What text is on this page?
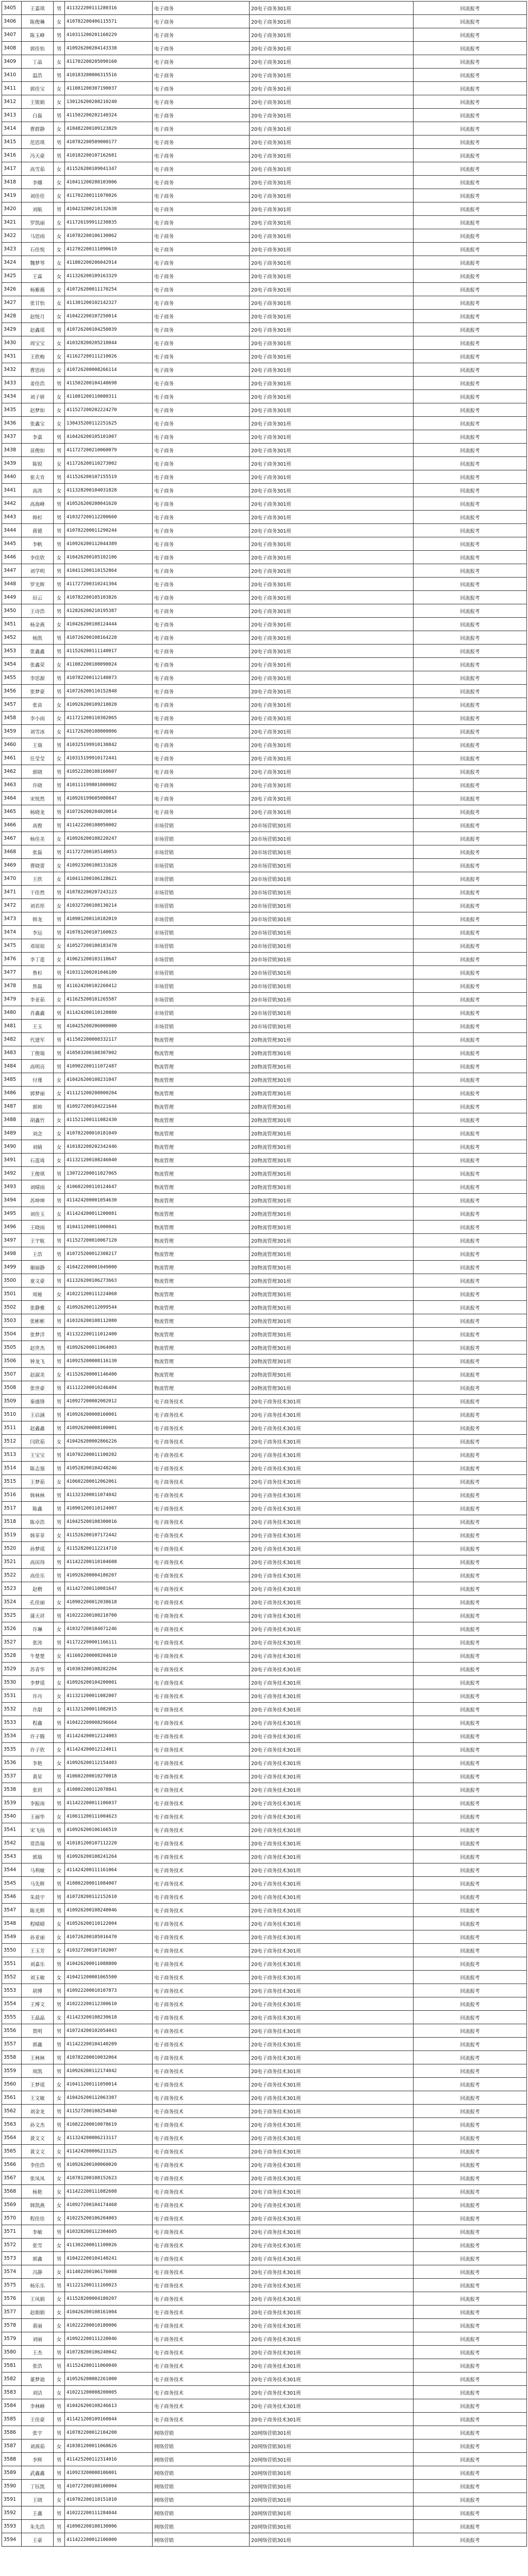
3405	王嘉琪	男	411322200111280316	电子商务	20电子商务301班	回流报考
3406	陈俊琳	女	410782200406115571	电子商务	20电子商务301班	回流报考
3407	陈玉峰	男	410311200201160229	电子商务	20电子商务301班	回流报考
3408	郭佳怡	男	410926200204143338	电子商务	20电子商务301班	回流报考
3409	丁晶	女	411702200205090160	电子商务	20电子商务301班	回流报考
3410	温浩	男	410183200006315516	电子商务	20电子商务301班	回流报考
3411	郭佳宝	女	411081200307190037	电子商务	20电子商务301班	回流报考
3412	王银娟	女	130126200208210240	电子商务	20电子商务301班	回流报考
3413	白磊	男	411502200202140324	电子商务	20电子商务301班	回流报考
3414	曹群静	女	410482200109123829	电子商务	20电子商务301班	回流报考
3415	范思琪	男	410782200509000177	电子商务	20电子商务301班	回流报考
3416	冯天豪	男	410182200107162681	电子商务	20电子商务301班	回流报考
3417	高雪茹	女	411526200109041347	电子商务	20电子商务301班	回流报考
3418	李娜	女	410411200208103006	电子商务	20电子商务301班	回流报考
3419	刘佳佳	女	411702200111070026	电子商务	20电子商务301班	回流报考
3420	刘航	男	410423200210132638	电子商务	20电子商务301班	回流报考
3421	罗凯丽	女	411726199911230835	电子商务	20电子商务301班	回流报考
3422	马思雨	女	410782200106130062	电子商务	20电子商务301班	回流报考
3423	石佳悦	女	412702200111090619	电子商务	20电子商务301班	回流报考
3424	魏梦琴	女	411802200206042914	电子商务	20电子商务301班	回流报考
3425	王霖	女	411326200109163329	电子商务	20电子商务301班	回流报考
3426	杨紫薇	女	410726200011170254	电子商务	20电子商务301班	回流报考
3427	张甘怡	女	411301200102142327	电子商务	20电子商务301班	回流报考
3428	赵悦月	女	410422200107250014	电子商务	20电子商务301班	回流报考
3429	赵鑫瑶	男	410726200104250039	电子商务	20电子商务301班	回流报考
3430	周宝宝	女	410328200205210044	电子商务	20电子商务301班	回流报考
3431	王欣梅	女	411627200111210026	电子商务	20电子商务301班	回流报考
3432	曹思雨	女	410726200008266114	电子商务	20电子商务301班	回流报考
3433	姜佳浩	男	411502200104140698	电子商务	20电子商务301班	回流报考
3434	刘子妍	女	411081200110080311	电子商务	20电子商务301班	回流报考
3435	赵梦如	女	411527200202224270	电子商务	20电子商务301班	回流报考
3436	张鑫宝	女	130435200112251625	电子商务	20电子商务301班	回流报考
3437	李嘉	男	410426200105101007	电子商务	20电子商务301班	回流报考
3438	苗俊如	男	411727200210060079	电子商务	20电子商务301班	回流报考
3439	陈锐	女	411726200110273002	电子商务	20电子商务301班	回流报考
3440	崔夫肯	男	411526200107155519	电子商务	20电子商务301班	回流报考
3441	高涛	女	411328200104031828	电子商务	20电子商务301班	回流报考
3442	高海峰	男	410526200208041620	电子商务	20电子商务301班	回流报考
3443	韩杉	男	410327200112200660	电子商务	20电子商务301班	回流报考
3444	蒋德	男	410782200011290244	电子商务	20电子商务301班	回流报考
3445	李帆	男	410926200112044389	电子商务	20电子商务301班	回流报考
3446	李佳欣	女	410426200105102106	电子商务	20电子商务301班	回流报考
3447	刘学明	男	410411200110152864	电子商务	20电子商务301班	回流报考
3448	罗光辉	男	411727200310241304	电子商务	20电子商务301班	回流报考
3449	田云	女	410782200105103826	电子商务	20电子商务301班	回流报考
3450	王诗浩	男	412826200210195387	电子商务	20电子商务301班	回流报考
3451	杨金燕	女	410426200108124444	电子商务	20电子商务301班	回流报考
3452	杨凯	男	410726200108164228	电子商务	20电子商务301班	回流报考
3453	张鑫鑫	男	411526200111140017	电子商务	20电子商务301班	回流报考
3454	张鑫荣	女	411082200108090024	电子商务	20电子商务301班	回流报考
3455	李思源	男	410782200112140073	电子商务	20电子商务301班	回流报考
3456	张梦豪	男	410726200110152848	电子商务	20电子商务301班	回流报考
3457	张苗	女	410926200109210020	电子商务	20电子商务301班	回流报考
3458	李小雨	女	411721200110302065	电子商务	20电子商务301班	回流报考
3459	刘雪冰	女	411726200108000006	电子商务	20电子商务301班	回流报考
3460	王瑞	男	410325199910130842	电子商务	20电子商务301班	回流报考
3461	任莹莹	女	410315199910172441	电子商务	20电子商务301班	回流报考
3462	郭晓	男	410522200108160607	电子商务	20电子商务301班	回流报考
3463	许晓	男	410111199801000002	电子商务	20电子商务301班	回流报考
3464	宋悦然	男	410926199605080847	电子商务	20电子商务301班	回流报考
3465	杨晓龙	男	410726200204020014	电子商务	20电子商务301班	回流报考
3466	高俊	男	411422200108050002	市场营销	20市场营销301班	回流报考
3467	杨佳美	女	410926200108220247	市场营销	20市场营销301班	回流报考
3468	张磊	男	411727200105140053	市场营销	20市场营销301班	回流报考
3469	曹晓蕾	女	410923200108131628	市场营销	20市场营销301班	回流报考
3470	王欣	女	410411200106128621	市场营销	20市场营销301班	回流报考
3471	于佳然	男	410782200207243123	市场营销	20市场营销301班	回流报考
3472	刘若彤	女	410327200108130214	市场营销	20市场营销301班	回流报考
3473	韩龙	男	410901200110182019	市场营销	20市场营销301班	回流报考
3474	李远	男	410781200107160023	市场营销	20市场营销301班	回流报考
3475	邓琼琼	女	410527200108183478	市场营销	20市场营销301班	回流报考
3476	李丁莲	女	410621200103110647	市场营销	20市场营销301班	回流报考
3477	鲁杉	男	410311200201046180	市场营销	20市场营销301班	回流报考
3478	焦磊	男	411624200102260412	市场营销	20市场营销301班	回流报考
3479	李亚茹	女	411625200101265587	市场营销	20市场营销301班	回流报考
3480	肖鑫鑫	男	411424200110120880	市场营销	20市场营销301班	回流报考
3481	王玉	男	410425200206000000	市场营销	20市场营销301班	回流报考
3482	代建军	男	411502200008332117	物流管理	20物流管理301班	回流报考
3483	丁俊瑞	男	410503200108307002	物流管理	20物流管理301班	回流报考
3484	高明亮	男	410902200111072487	物流管理	20物流管理301班	回流报考
3485	付瑾	女	410426200108231047	物流管理	20物流管理301班	回流报考
3486	郭梦丽	女	411121200208000204	物流管理	20物流管理301班	回流报考
3487	郭帅	男	410927200104221644	物流管理	20物流管理301班	回流报考
3488	胡鑫竹	女	411521200111082430	物流管理	20物流管理301班	回流报考
3489	刘念	女	410782200010181049	物流管理	20物流管理301班	回流报考
3490	刘婧	女	410182200202342446	物流管理	20物流管理301班	回流报考
3491	石莲琦	女	411321200108246040	物流管理	20物流管理301班	回流报考
3492	王俊琪	男	130722200011027065	物流管理	20物流管理301班	回流报考
3493	刘晴雨	女	410602200110124647	物流管理	20物流管理301班	回流报考
3494	苏坤坤	男	411424200001054630	物流管理	20物流管理301班	回流报考
3495	刘佳玉	女	411424200011200081	物流管理	20物流管理301班	回流报考
3496	王晓雨	男	410411200011000041	物流管理	20物流管理301班	回流报考
3497	王宇航	男	411527200010067120	物流管理	20物流管理301班	回流报考
3498	王浩	男	410725200012308217	物流管理	20物流管理301班	回流报考
3499	谢丽静	女	410422200001049000	物流管理	20物流管理301班	回流报考
3500	童文豪	男	411326200106273663	物流管理	20物流管理301班	回流报考
3501	周娅	女	410221200111224068	物流管理	20物流管理301班	回流报考
3502	张静雅	女	410926200112099544	物流管理	20物流管理301班	回流报考
3503	张彬彬	男	410326200108112080	物流管理	20物流管理301班	回流报考
3504	张梦洋	男	411322200111012400	物流管理	20物流管理301班	回流报考
3505	赵世杰	男	410926200011064003	物流管理	20物流管理301班	回流报考
3506	钟龙飞	男	410925200008116130	物流管理	20物流管理301班	回流报考
3507	赵淑美	女	411526200001146400	物流管理	20物流管理301班	回流报考
3508	张世豪	男	411122200010246404	物流管理	20物流管理301班	回流报考
3509	秦盛锋	男	410927200002002012	电子商务技术	20电子商务技术301班	回流报考
3510	王启涵	男	410926200008160001	电子商务技术	20电子商务技术301班	回流报考
3511	赵鑫鑫	男	410926200008100001	电子商务技术	20电子商务技术301班	回流报考
3512	闫欣茹	女	410426200002866226	电子商务技术	20电子商务技术301班	回流报考
3513	王宝宝	男	410702200011100202	电子商务技术	20电子商务技术301班	回流报考
3514	陈志强	男	410528200104248246	电子商务技术	20电子商务技术301班	回流报考
3515	王梦茹	女	410602200012062061	电子商务技术	20电子商务技术301班	回流报考
3516	韩林林	男	411323200011074042	电子商务技术	20电子商务技术301班	回流报考
3517	陈鑫	男	410901200110124007	电子商务技术	20电子商务技术301班	回流报考
3518	陈卓浩	男	410425200108300016	电子商务技术	20电子商务技术301班	回流报考
3519	韩菲菲	女	411526200107172442	电子商务技术	20电子商务技术301班	回流报考
3520	孙梦瑶	女	411528200112214710	电子商务技术	20电子商务技术301班	回流报考
3521	高田玮	男	411422200110104608	电子商务技术	20电子商务技术301班	回流报考
3522	高佳乐	男	410926200004180207	电子商务技术	20电子商务技术301班	回流报考
3523	赵楷	男	411427200110081647	电子商务技术	20电子商务技术301班	回流报考
3524	孔佳丽	女	410902200012038618	电子商务技术	20电子商务技术301班	回流报考
3525	蒲天祥	男	410222200108210700	电子商务技术	20电子商务技术301班	回流报考
3526	许琳	女	410327200104071246	电子商务技术	20电子商务技术301班	回流报考
3527	张涛	男	411722200001166111	电子商务技术	20电子商务技术301班	回流报考
3528	牛楚楚	女	411602200008204610	电子商务技术	20电子商务技术301班	回流报考
3529	苏青华	男	410303200108282204	电子商务技术	20电子商务技术301班	回流报考
3530	李梦瑶	女	410926200104200001	电子商务技术	20电子商务技术301班	回流报考
3531	许丹	女	411321200011082007	电子商务技术	20电子商务技术301班	回流报考
3532	许甜	女	411321200011082015	电子商务技术	20电子商务技术301班	回流报考
3533	程鑫	男	410422200008296664	电子商务技术	20电子商务技术301班	回流报考
3534	许子腾	男	411424200012124003	电子商务技术	20电子商务技术301班	回流报考
3535	许子欣	女	411424200012124011	电子商务技术	20电子商务技术301班	回流报考
3536	李艳	女	410926200112154403	电子商务技术	20电子商务技术301班	回流报考
3537	黄星	男	410602200010270018	电子商务技术	20电子商务技术301班	回流报考
3538	张玥	女	410802200112078841	电子商务技术	20电子商务技术301班	回流报考
3539	李振南	男	411422200011106037	电子商务技术	20电子商务技术301班	回流报考
3540	王丽华	女	410611200111004623	电子商务技术	20电子商务技术301班	回流报考
3541	宋飞扬	男	410926200106166519	电子商务技术	20电子商务技术301班	回流报考
3542	常浩瑞	男	410181200107112220	电子商务技术	20电子商务技术301班	回流报考
3543	郭瑞	男	410926200108241264	电子商务技术	20电子商务技术301班	回流报考
3544	马利敏	女	411424200111161064	电子商务技术	20电子商务技术301班	回流报考
3545	马先辉	男	410802200011084007	电子商务技术	20电子商务技术301班	回流报考
3546	朱晨宇	男	410728200112152610	电子商务技术	20电子商务技术301班	回流报考
3547	陈光辉	男	410926200108240046	电子商务技术	20电子商务技术301班	回流报考
3548	程晴晴	女	410526200110122004	电子商务技术	20电子商务技术301班	回流报考
3549	孙亚丽	女	410726200105016470	电子商务技术	20电子商务技术301班	回流报考
3550	王玉芳	女	410327200107102007	电子商务技术	20电子商务技术301班	回流报考
3551	刘嘉乐	男	410426200011088800	电子商务技术	20电子商务技术301班	回流报考
3552	刘玉敏	女	410421200001065500	电子商务技术	20电子商务技术301班	回流报考
3553	胡博	男	410922200010107873	电子商务技术	20电子商务技术301班	回流报考
3554	王博文	男	410222200112300610	电子商务技术	20电子商务技术301班	回流报考
3555	王晶晶	女	411423200108230618	电子商务技术	20电子商务技术301班	回流报考
3556	贾明	男	410724200102054043	电子商务技术	20电子商务技术301班	回流报考
3557	郭鑫	男	411422200104140209	电子商务技术	20电子商务技术301班	回流报考
3558	王林林	男	410782200010032064	电子商务技术	20电子商务技术301班	回流报考
3559	周凯	男	410926200112174042	电子商务技术	20电子商务技术301班	回流报考
3560	王梦瑶	女	410411200111050014	电子商务技术	20电子商务技术301班	回流报考
3561	王文敏	女	410426200112063307	电子商务技术	20电子商务技术301班	回流报考
3562	刘金龙	男	411527200108254040	电子商务技术	20电子商务技术301班	回流报考
3563	孙文杰	男	410822200010078619	电子商务技术	20电子商务技术301班	回流报考
3564	黄文文	女	411324200006213117	电子商务技术	20电子商务技术301班	回流报考
3565	黄文文	女	411424200006213125	电子商务技术	20电子商务技术301班	回流报考
3566	李佳浩	男	410926200108060020	电子商务技术	20电子商务技术301班	回流报考
3567	张凤凤	女	410781200108152623	电子商务技术	20电子商务技术301班	回流报考
3568	杨艳	女	411422200111082608	电子商务技术	20电子商务技术301班	回流报考
3569	韩凯燕	女	410927200104174468	电子商务技术	20电子商务技术301班	回流报考
3570	程佳佳	女	410225200106204003	电子商务技术	20电子商务技术301班	回流报考
3571	李敏	男	410328200112304605	电子商务技术	20电子商务技术301班	回流报考
3572	张雪	女	411302200011100026	电子商务技术	20电子商务技术301班	回流报考
3573	郭鑫	男	410422200104140241	电子商务技术	20电子商务技术301班	回流报考
3574	冯静	女	411402200106176008	电子商务技术	20电子商务技术301班	回流报考
3575	杨乐乐	男	411221200111160023	电子商务技术	20电子商务技术301班	回流报考
3576	王凤娟	女	411528200004180207	电子商务技术	20电子商务技术301班	回流报考
3577	赵娟娟	女	410426200108161004	电子商务技术	20电子商务技术301班	回流报考
3578	黄丽	女	410222200010180006	电子商务技术	20电子商务技术301班	回流报考
3579	刘丽	女	410922200111220046	电子商务技术	20电子商务技术301班	回流报考
3580	王杰	男	410728200106240042	电子商务技术	20电子商务技术301班	回流报考
3581	张浩	男	411524200111060040	电子商务技术	20电子商务技术301班	回流报考
3582	董梦迪	女	410526200002261000	电子商务技术	20电子商务技术301班	回流报考
3583	刘洁	女	410221200008200005	电子商务技术	20电子商务技术301班	回流报考
3584	李林峰	男	410426200108246613	电子商务技术	20电子商务技术301班	回流报考
3585	王佳豪	男	411421200109160044	电子商务技术	20电子商务技术301班	回流报考
3586	张宇	男	410782200012104200	网络营销	20网络营销301班	回流报考
3587	刘茜茹	女	410381200011068626	网络营销	20网络营销301班	回流报考
3588	李辉	男	411425200112314016	网络营销	20网络营销301班	回流报考
3589	武鑫鑫	男	410923200008106001	网络营销	20网络营销301班	回流报考
3590	丁钰凯	男	410727200108100004	网络营销	20网络营销301班	回流报考
3591	王晓	女	410702200110151010	网络营销	20网络营销301班	回流报考
3592	王鑫	男	410222200111284044	网络营销	20网络营销301班	回流报考
3593	朱先浩	男	410902200108130006	网络营销	20网络营销301班	回流报考
3594	王豪	男	411422200012106000	网络营销	20网络营销301班	回流报考
